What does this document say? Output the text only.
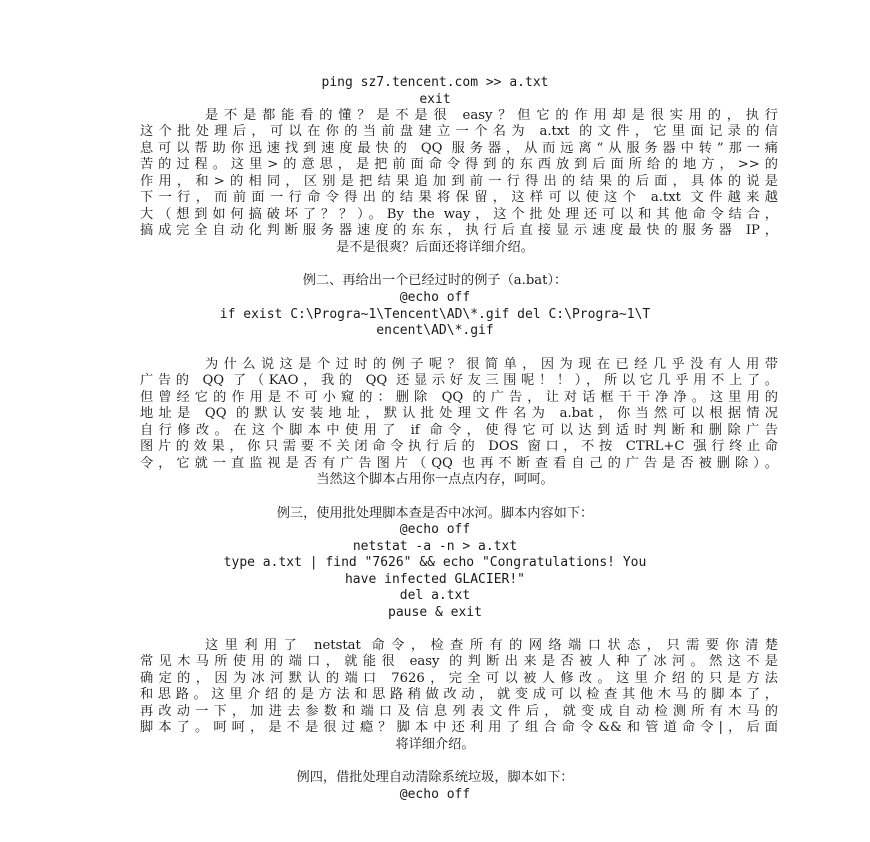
ping sz7.tencent.com >> a.txt
exit
是不是都能看的懂？是不是很 easy？但它的作用却是很实用的，执行
这个批处理后，可以在你的当前盘建立一个名为 a.txt 的文件，它里面记录的信
息可以帮助你迅速找到速度最快的 QQ 服务器，从而远离“从服务器中转”那一痛
苦的过程。这里>的意思，是把前面命令得到的东西放到后面所给的地方，>>的
作用，和>的相同，区别是把结果追加到前一行得出的结果的后面，具体的说是
下一行，而前面一行命令得出的结果将保留，这样可以使这个 a.txt 文件越来越
大（想到如何搞破坏了？？）。By the way，这个批处理还可以和其他命令结合，
搞成完全自动化判断服务器速度的东东，执行后直接显示速度最快的服务器 IP，
是不是很爽？后面还将详细介绍。
例二、再给出一个已经过时的例子（a.bat）：
@echo off
if exist C:\Progra~1\Tencent\AD\*.gif del C:\Progra~1\T
encent\AD\*.gif
为什么说这是个过时的例子呢？很简单，因为现在已经几乎没有人用带
广告的 QQ 了（KAO，我的 QQ 还显示好友三围呢！！），所以它几乎用不上了。
但曾经它的作用是不可小窥的：删除 QQ 的广告，让对话框干干净净。这里用的
地址是 QQ 的默认安装地址，默认批处理文件名为 a.bat，你当然可以根据情况
自行修改。在这个脚本中使用了 if 命令，使得它可以达到适时判断和删除广告
图片的效果，你只需要不关闭命令执行后的 DOS 窗口，不按 CTRL+C 强行终止命
令，它就一直监视是否有广告图片（QQ 也再不断查看自己的广告是否被删除）。
当然这个脚本占用你一点点内存，呵呵。
例三，使用批处理脚本查是否中冰河。脚本内容如下：
@echo off
netstat -a -n > a.txt
type a.txt | find "7626" && echo "Congratulations! You
have infected GLACIER!"
del a.txt
pause & exit
这里利用了 netstat 命令，检查所有的网络端口状态，只需要你清楚
常见木马所使用的端口，就能很 easy 的判断出来是否被人种了冰河。然这不是
确定的，因为冰河默认的端口 7626，完全可以被人修改。这里介绍的只是方法
和思路。这里介绍的是方法和思路稍做改动，就变成可以检查其他木马的脚本了，
再改动一下，加进去参数和端口及信息列表文件后，就变成自动检测所有木马的
脚本了。呵呵，是不是很过瘾？脚本中还利用了组合命令&&和管道命令|，后面
将详细介绍。
例四，借批处理自动清除系统垃圾，脚本如下：
@echo off
